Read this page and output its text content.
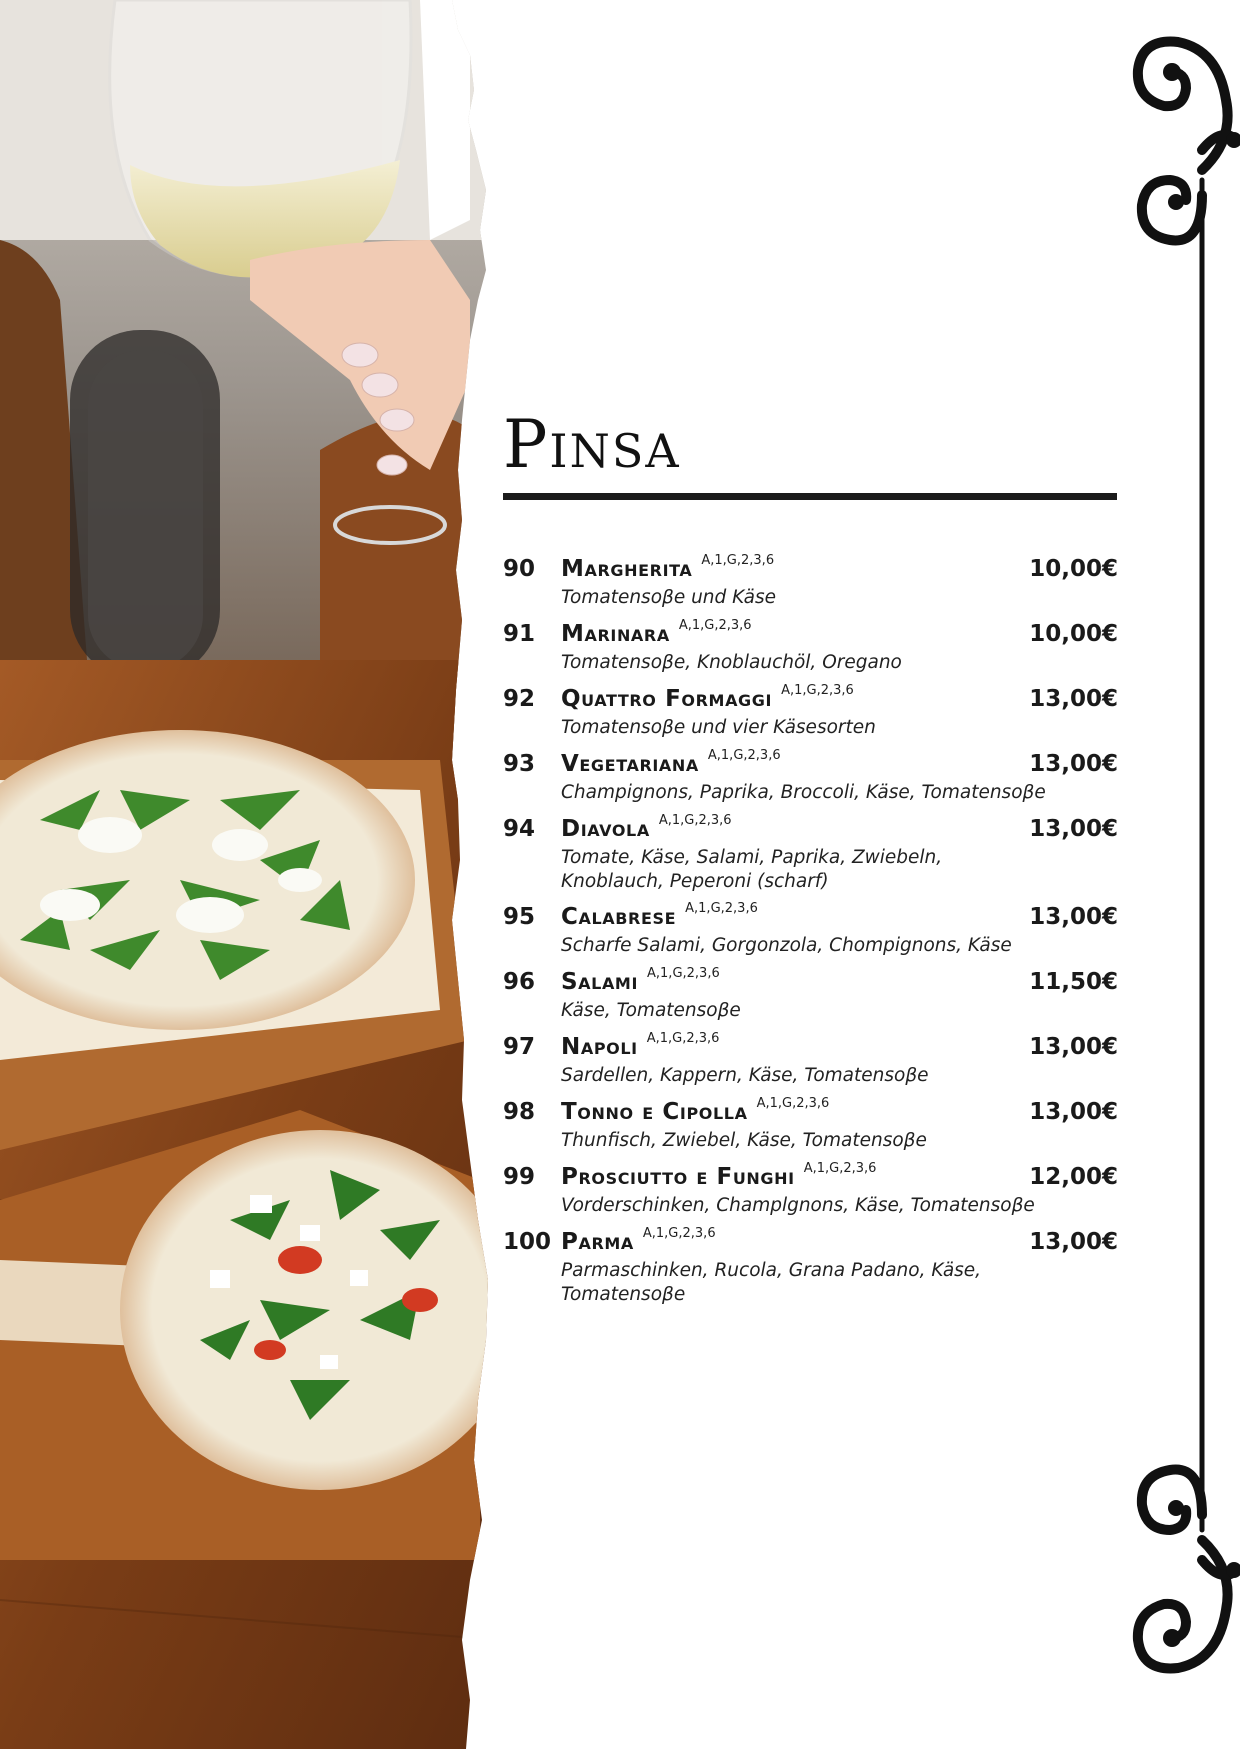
Pinsa
90	Margherita A,1,G,2,3,6	10,00€
Tomatensoβe und Käse
91	Marinara A,1,G,2,3,6	10,00€
Tomatensoβe, Knoblauchöl, Oregano
92	Quattro Formaggi A,1,G,2,3,6	13,00€
Tomatensoβe und vier Käsesorten
93	Vegetariana A,1,G,2,3,6	13,00€
Champignons, Paprika, Broccoli, Käse, Tomatensoβe
94	Diavola A,1,G,2,3,6	13,00€
Tomate, Käse, Salami, Paprika, Zwiebeln, Knoblauch, Peperoni (scharf)
95	Calabrese A,1,G,2,3,6	13,00€
Scharfe Salami, Gorgonzola, Chompignons, Käse
96	Salami A,1,G,2,3,6	11,50€
Käse, Tomatensoβe
97	Napoli A,1,G,2,3,6	13,00€
Sardellen, Kappern, Käse, Tomatensoβe
98	Tonno e Cipolla A,1,G,2,3,6	13,00€
Thunfisch, Zwiebel, Käse, Tomatensoβe
99	Prosciutto e Funghi A,1,G,2,3,6	12,00€
Vorderschinken, Champlgnons, Käse, Tomatensoβe
100 Parma A,1,G,2,3,6	13,00€
Parmaschinken, Rucola, Grana Padano, Käse, Tomatensoβe
